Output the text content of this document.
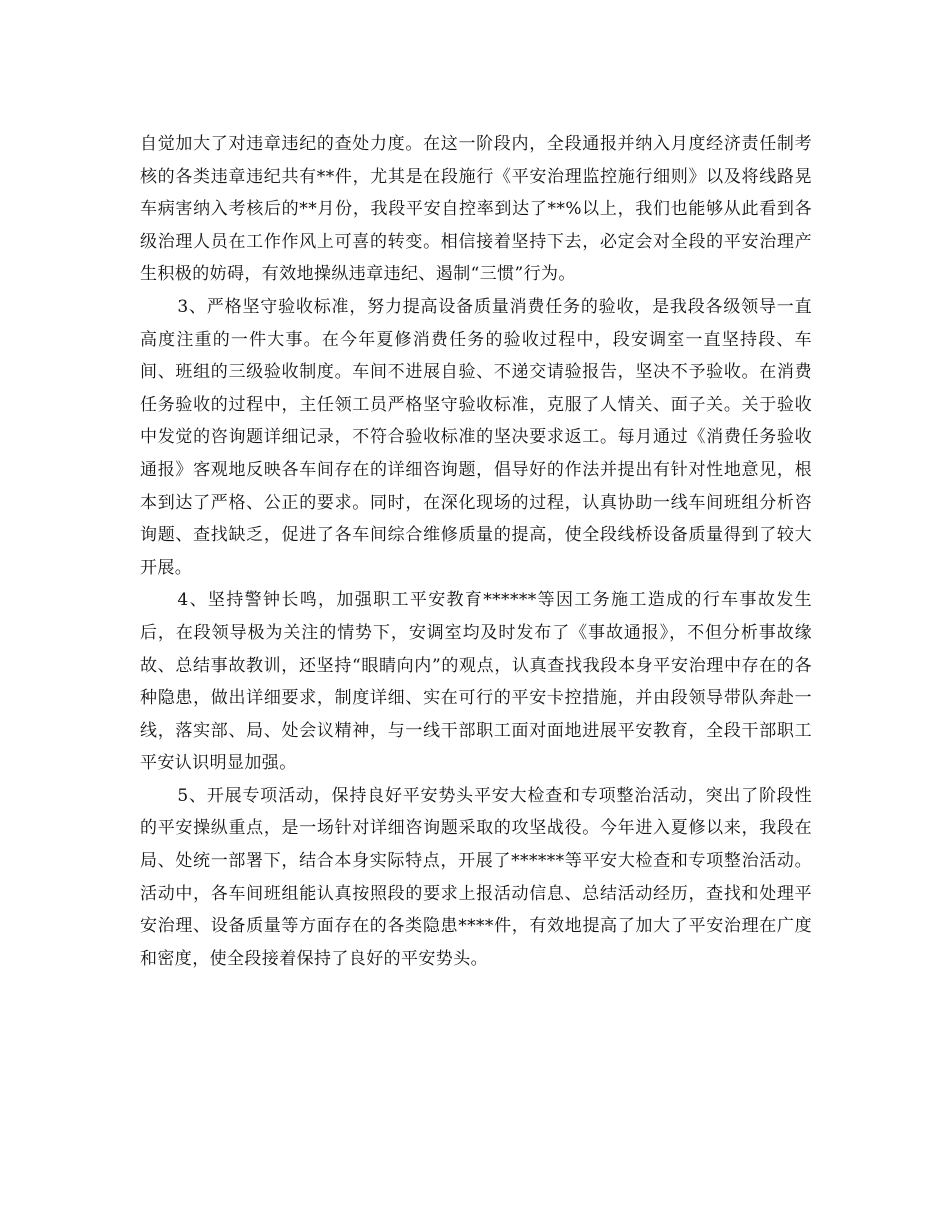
自觉加大了对违章违纪的查处力度。在这一阶段内，全段通报并纳入月度经济责任制考核的各类违章违纪共有**件，尤其是在段施行《平安治理监控施行细则》以及将线路晃车病害纳入考核后的**月份，我段平安自控率到达了**%以上，我们也能够从此看到各级治理人员在工作作风上可喜的转变。相信接着坚持下去，必定会对全段的平安治理产生积极的妨碍，有效地操纵违章违纪、遏制“三惯”行为。

3、严格坚守验收标准，努力提高设备质量消费任务的验收，是我段各级领导一直高度注重的一件大事。在今年夏修消费任务的验收过程中，段安调室一直坚持段、车间、班组的三级验收制度。车间不进展自验、不递交请验报告，坚决不予验收。在消费任务验收的过程中，主任领工员严格坚守验收标准，克服了人情关、面子关。关于验收中发觉的咨询题详细记录，不符合验收标准的坚决要求返工。每月通过《消费任务验收通报》客观地反映各车间存在的详细咨询题，倡导好的作法并提出有针对性地意见，根本到达了严格、公正的要求。同时，在深化现场的过程，认真协助一线车间班组分析咨询题、查找缺乏，促进了各车间综合维修质量的提高，使全段线桥设备质量得到了较大开展。

4、坚持警钟长鸣，加强职工平安教育******等因工务施工造成的行车事故发生后，在段领导极为关注的情势下，安调室均及时发布了《事故通报》，不但分析事故缘故、总结事故教训，还坚持“眼睛向内”的观点，认真查找我段本身平安治理中存在的各种隐患，做出详细要求，制度详细、实在可行的平安卡控措施，并由段领导带队奔赴一线，落实部、局、处会议精神，与一线干部职工面对面地进展平安教育，全段干部职工平安认识明显加强。

5、开展专项活动，保持良好平安势头平安大检查和专项整治活动，突出了阶段性的平安操纵重点，是一场针对详细咨询题采取的攻坚战役。今年进入夏修以来，我段在局、处统一部署下，结合本身实际特点，开展了******等平安大检查和专项整治活动。活动中，各车间班组能认真按照段的要求上报活动信息、总结活动经历，查找和处理平安治理、设备质量等方面存在的各类隐患****件，有效地提高了加大了平安治理在广度和密度，使全段接着保持了良好的平安势头。
